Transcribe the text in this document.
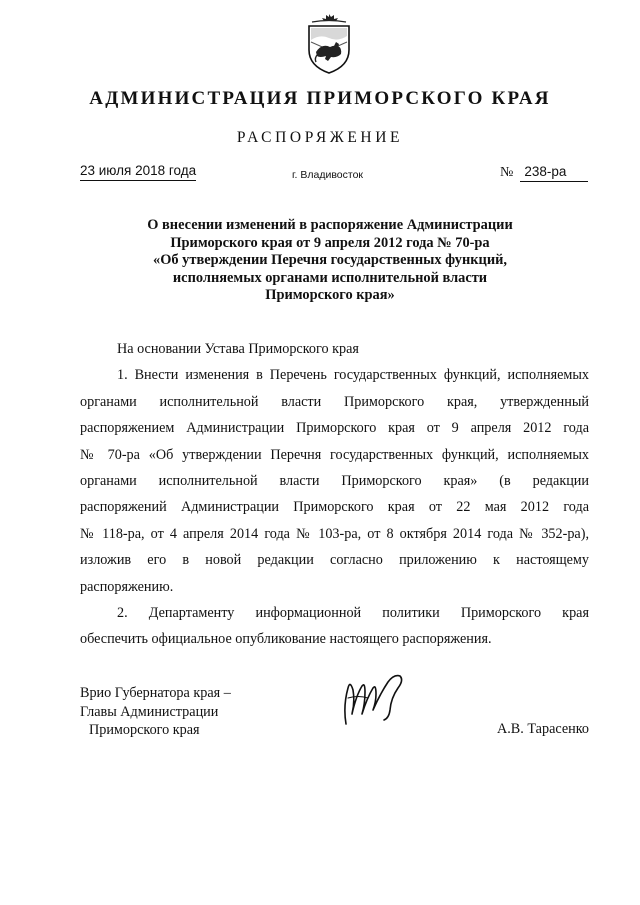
АДМИНИСТРАЦИЯ ПРИМОРСКОГО КРАЯ
РАСПОРЯЖЕНИЕ
23 июля 2018 года	г. Владивосток	№ 238-ра
О внесении изменений в распоряжение Администрации
Приморского края от 9 апреля 2012 года № 70-ра
«Об утверждении Перечня государственных функций,
исполняемых органами исполнительной власти
Приморского края»

На основании Устава Приморского края

1. Внести изменения в Перечень государственных функций, исполняемых
органами исполнительной власти Приморского края, утвержденный
распоряжением Администрации Приморского края от 9 апреля 2012 года
№ 70-ра «Об утверждении Перечня государственных функций, исполняемых
органами исполнительной власти Приморского края» (в редакции
распоряжений Администрации Приморского края от 22 мая 2012 года
№ 118-ра, от 4 апреля 2014 года № 103-ра, от 8 октября 2014 года № 352-ра),
изложив его в новой редакции согласно приложению к настоящему
распоряжению.
2. Департаменту информационной политики Приморского края
обеспечить официальное опубликование настоящего распоряжения.
Врио Губернатора края –
Главы Администрации
Приморского края	А.В. Тарасенко
